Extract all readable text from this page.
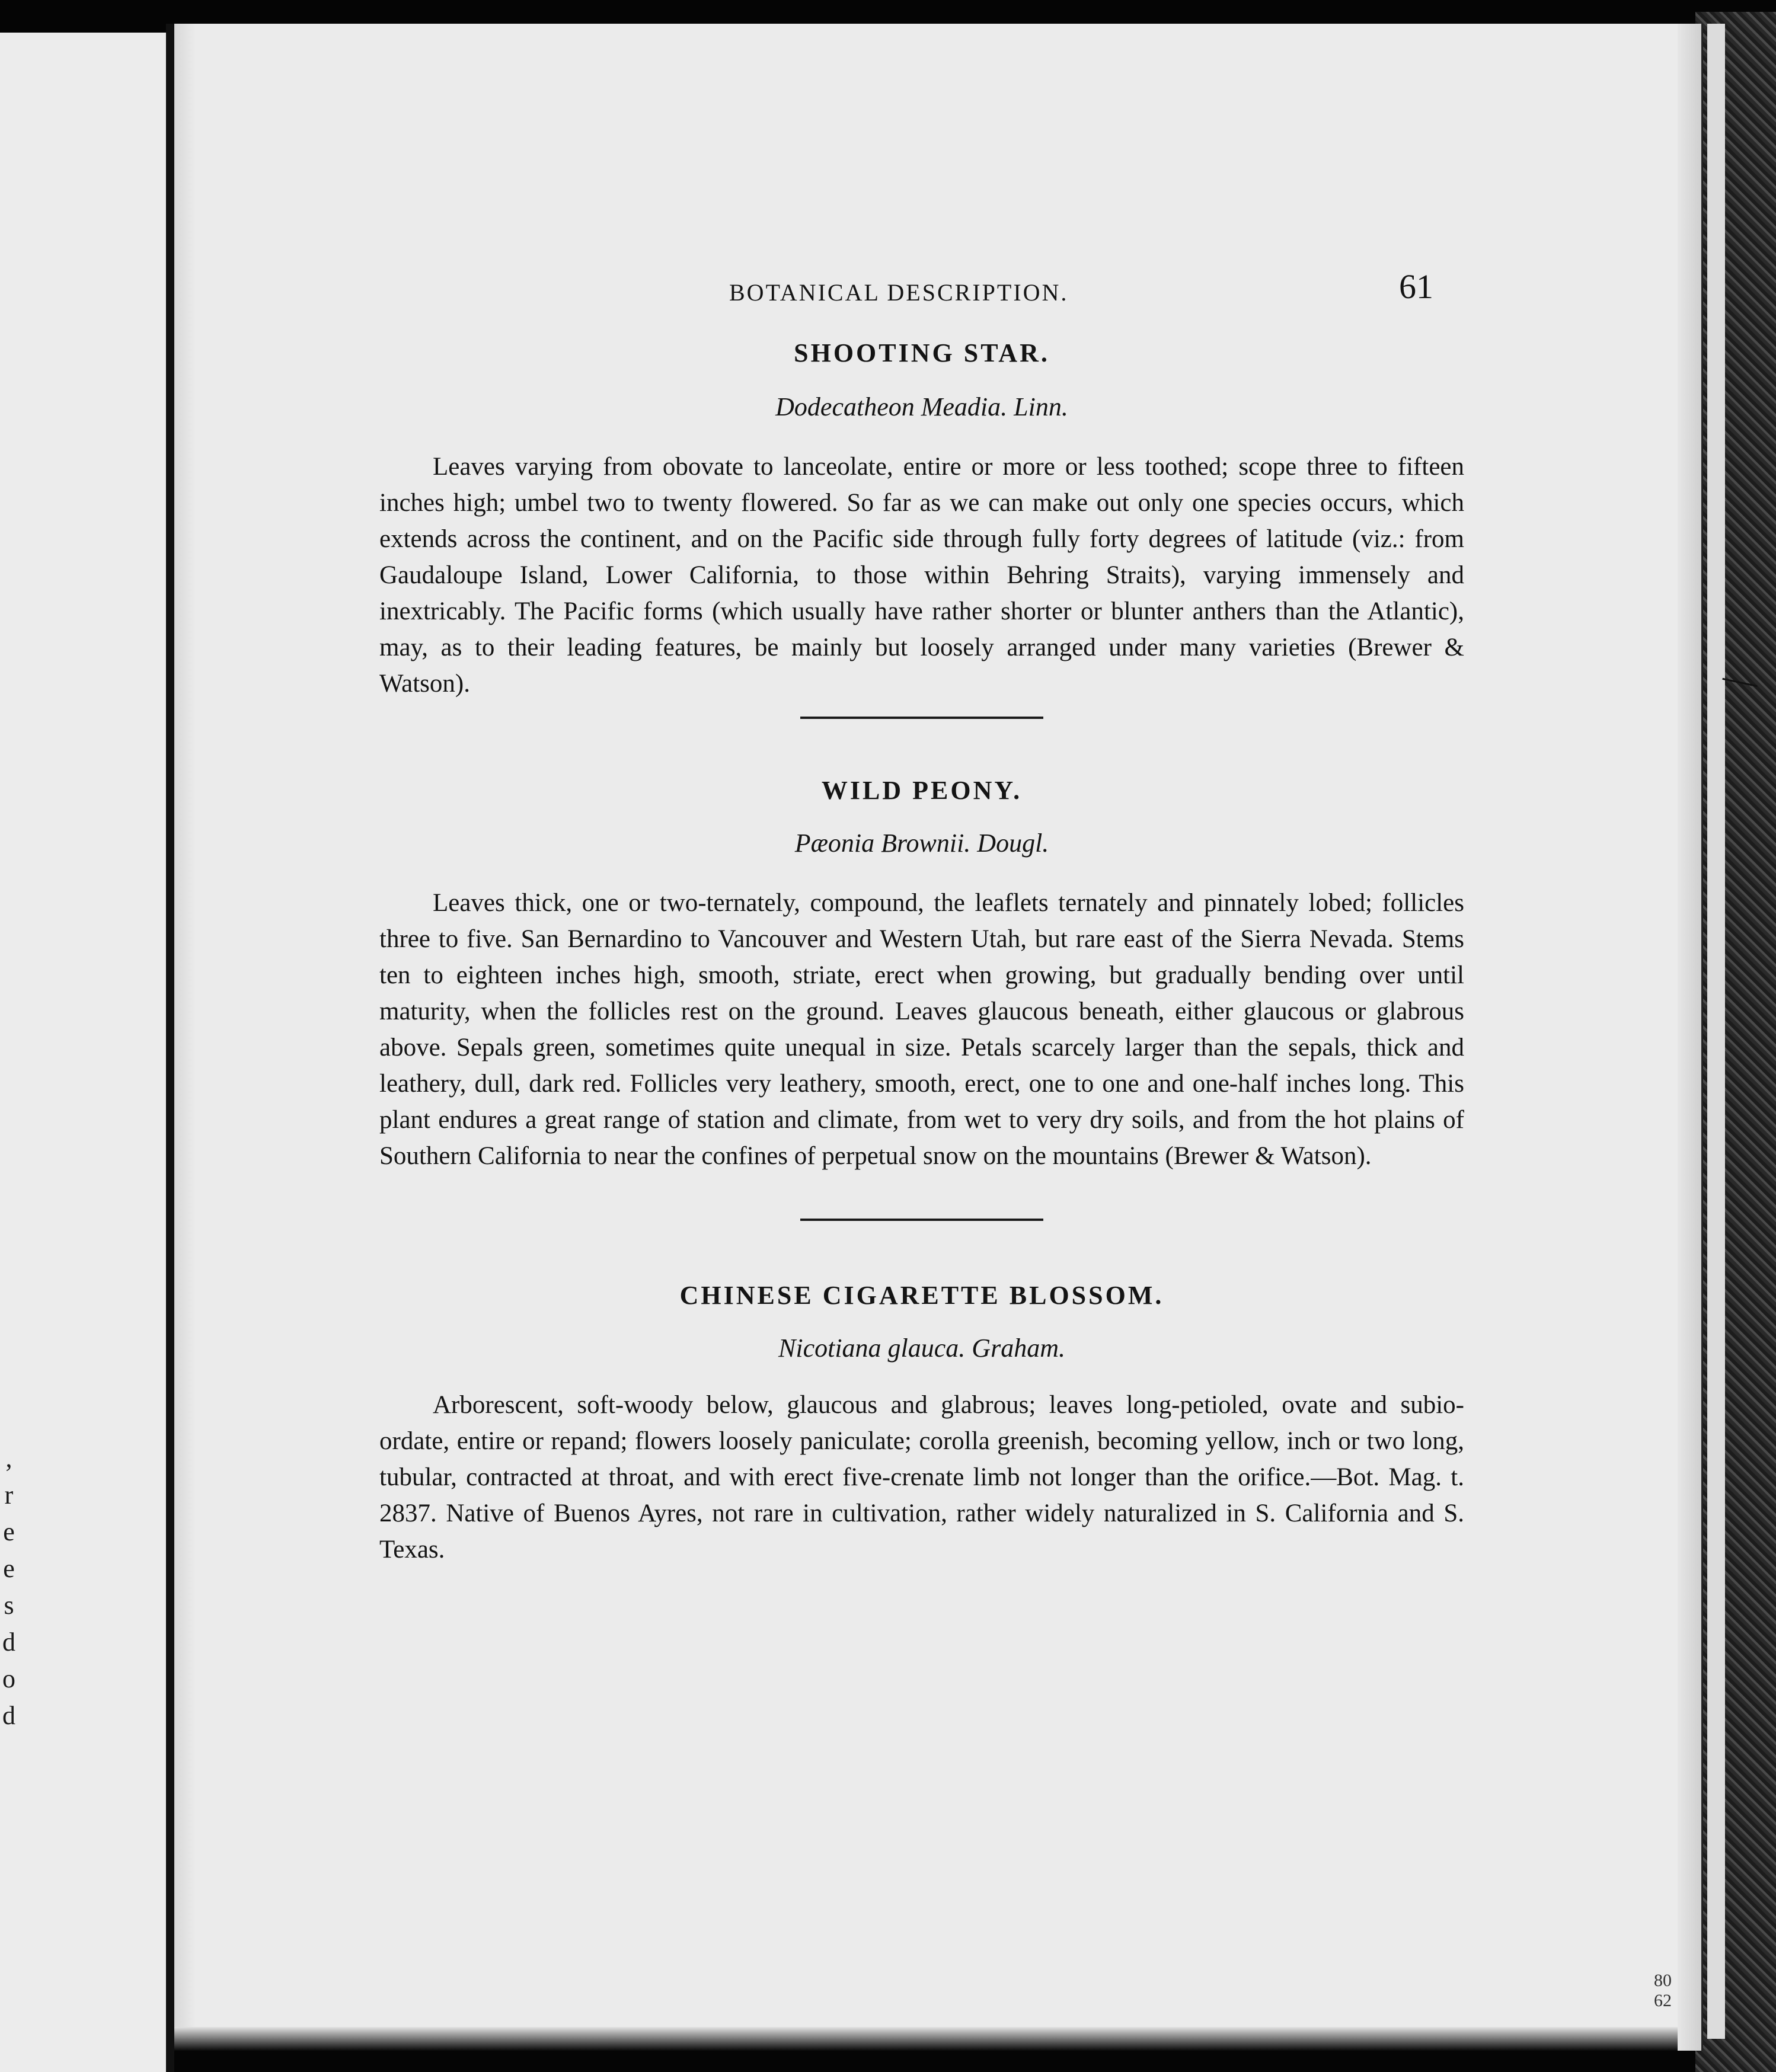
,
r
e
e
s
d
o
d
BOTANICAL DESCRIPTION.	61
SHOOTING STAR.

Dodecatheon Meadia. Linn.

Leaves varying from obovate to lanceolate, entire or more or less toothed; scope three to fifteen inches high; umbel two to twenty flowered. So far as we can make out only one species occurs, which extends across the continent, and on the Pacific side through fully forty degrees of latitude (viz.: from Gaudaloupe Island, Lower California, to those within Behring Straits), varying immensely and inextricably. The Pacific forms (which usually have rather shorter or blunter anthers than the Atlantic), may, as to their leading features, be mainly but loosely arranged under many varieties (Brewer & Watson).

WILD PEONY.

Pæonia Brownii. Dougl.

Leaves thick, one or two-ternately, compound, the leaflets ternately and pinnately lobed; follicles three to five. San Bernardino to Vancouver and Western Utah, but rare east of the Sierra Nevada. Stems ten to eighteen inches high, smooth, striate, erect when growing, but gradually bending over until maturity, when the follicles rest on the ground. Leaves glaucous beneath, either glaucous or glabrous above. Sepals green, sometimes quite unequal in size. Petals scarcely larger than the sepals, thick and leathery, dull, dark red. Follicles very leathery, smooth, erect, one to one and one-half inches long. This plant endures a great range of station and climate, from wet to very dry soils, and from the hot plains of Southern California to near the confines of perpetual snow on the mountains (Brewer & Watson).

CHINESE CIGARETTE BLOSSOM.

Nicotiana glauca. Graham.

Arborescent, soft-woody below, glaucous and glabrous; leaves long-petioled, ovate and subio-ordate, entire or repand; flowers loosely paniculate; corolla greenish, becoming yellow, inch or two long, tubular, contracted at throat, and with erect five-crenate limb not longer than the orifice.—Bot. Mag. t. 2837. Native of Buenos Ayres, not rare in cultivation, rather widely naturalized in S. California and S. Texas.

80
62
